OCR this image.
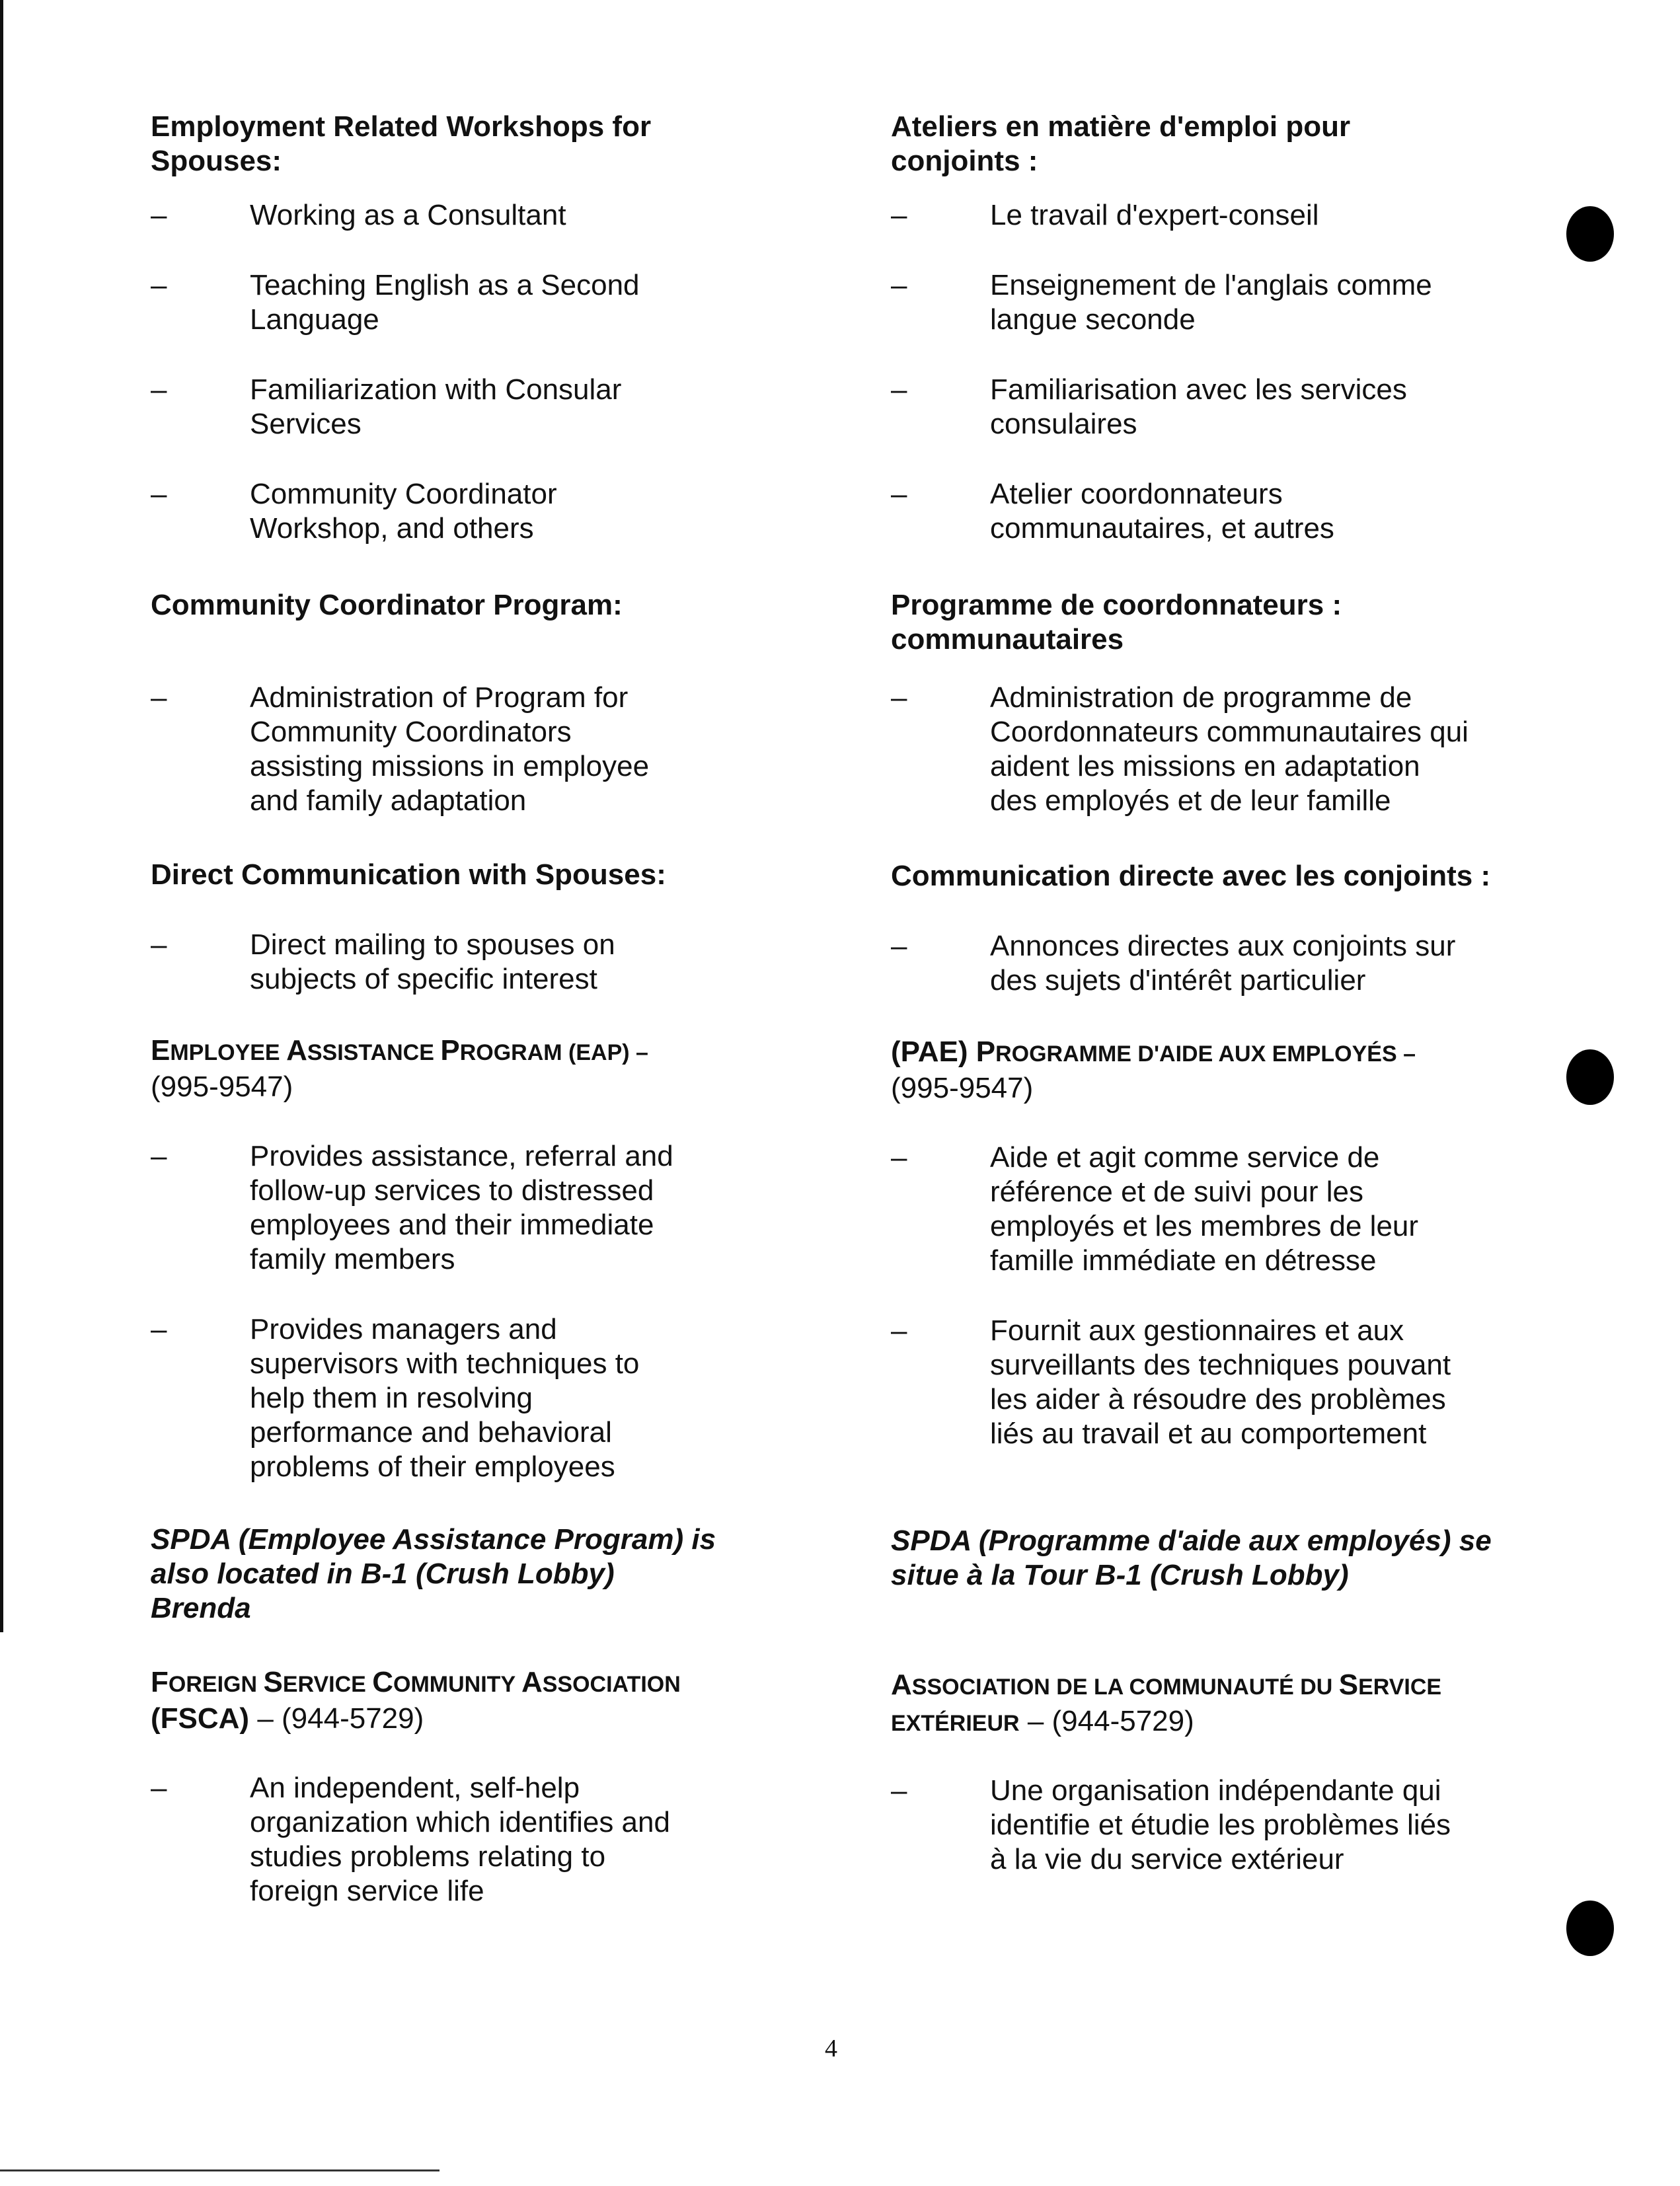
Employment Related Workshops for
Spouses:
–	Working as a Consultant
–	Teaching English as a Second
Language
–	Familiarization with Consular
Services
–	Community Coordinator
Workshop, and others
Community Coordinator Program:
–	Administration of Program for
Community Coordinators
assisting missions in employee
and family adaptation
Direct Communication with Spouses:
–	Direct mailing to spouses on
subjects of specific interest
EMPLOYEE ASSISTANCE PROGRAM (EAP) –
(995-9547)
–	Provides assistance, referral and
follow-up services to distressed
employees and their immediate
family members
–	Provides managers and
supervisors with techniques to
help them in resolving
performance and behavioral
problems of their employees
SPDA (Employee Assistance Program) is
also located in B-1 (Crush Lobby)
Brenda
FOREIGN SERVICE COMMUNITY ASSOCIATION
(FSCA) – (944-5729)
–	An independent, self-help
organization which identifies and
studies problems relating to
foreign service life
Ateliers en matière d'emploi pour
conjoints :
–	Le travail d'expert-conseil
–	Enseignement de l'anglais comme
langue seconde
–	Familiarisation avec les services
consulaires
–	Atelier coordonnateurs
communautaires, et autres
Programme de coordonnateurs :
communautaires
–	Administration de programme de
Coordonnateurs communautaires qui
aident les missions en adaptation
des employés et de leur famille
Communication directe avec les conjoints :
–	Annonces directes aux conjoints sur
des sujets d'intérêt particulier
(PAE) PROGRAMME D'AIDE AUX EMPLOYÉS –
(995-9547)
–	Aide et agit comme service de
référence et de suivi pour les
employés et les membres de leur
famille immédiate en détresse
–	Fournit aux gestionnaires et aux
surveillants des techniques pouvant
les aider à résoudre des problèmes
liés au travail et au comportement
SPDA (Programme d'aide aux employés) se
situe à la Tour B-1 (Crush Lobby)
ASSOCIATION DE LA COMMUNAUTÉ DU SERVICE
EXTÉRIEUR – (944-5729)
–	Une organisation indépendante qui
identifie et étudie les problèmes liés
à la vie du service extérieur
4
